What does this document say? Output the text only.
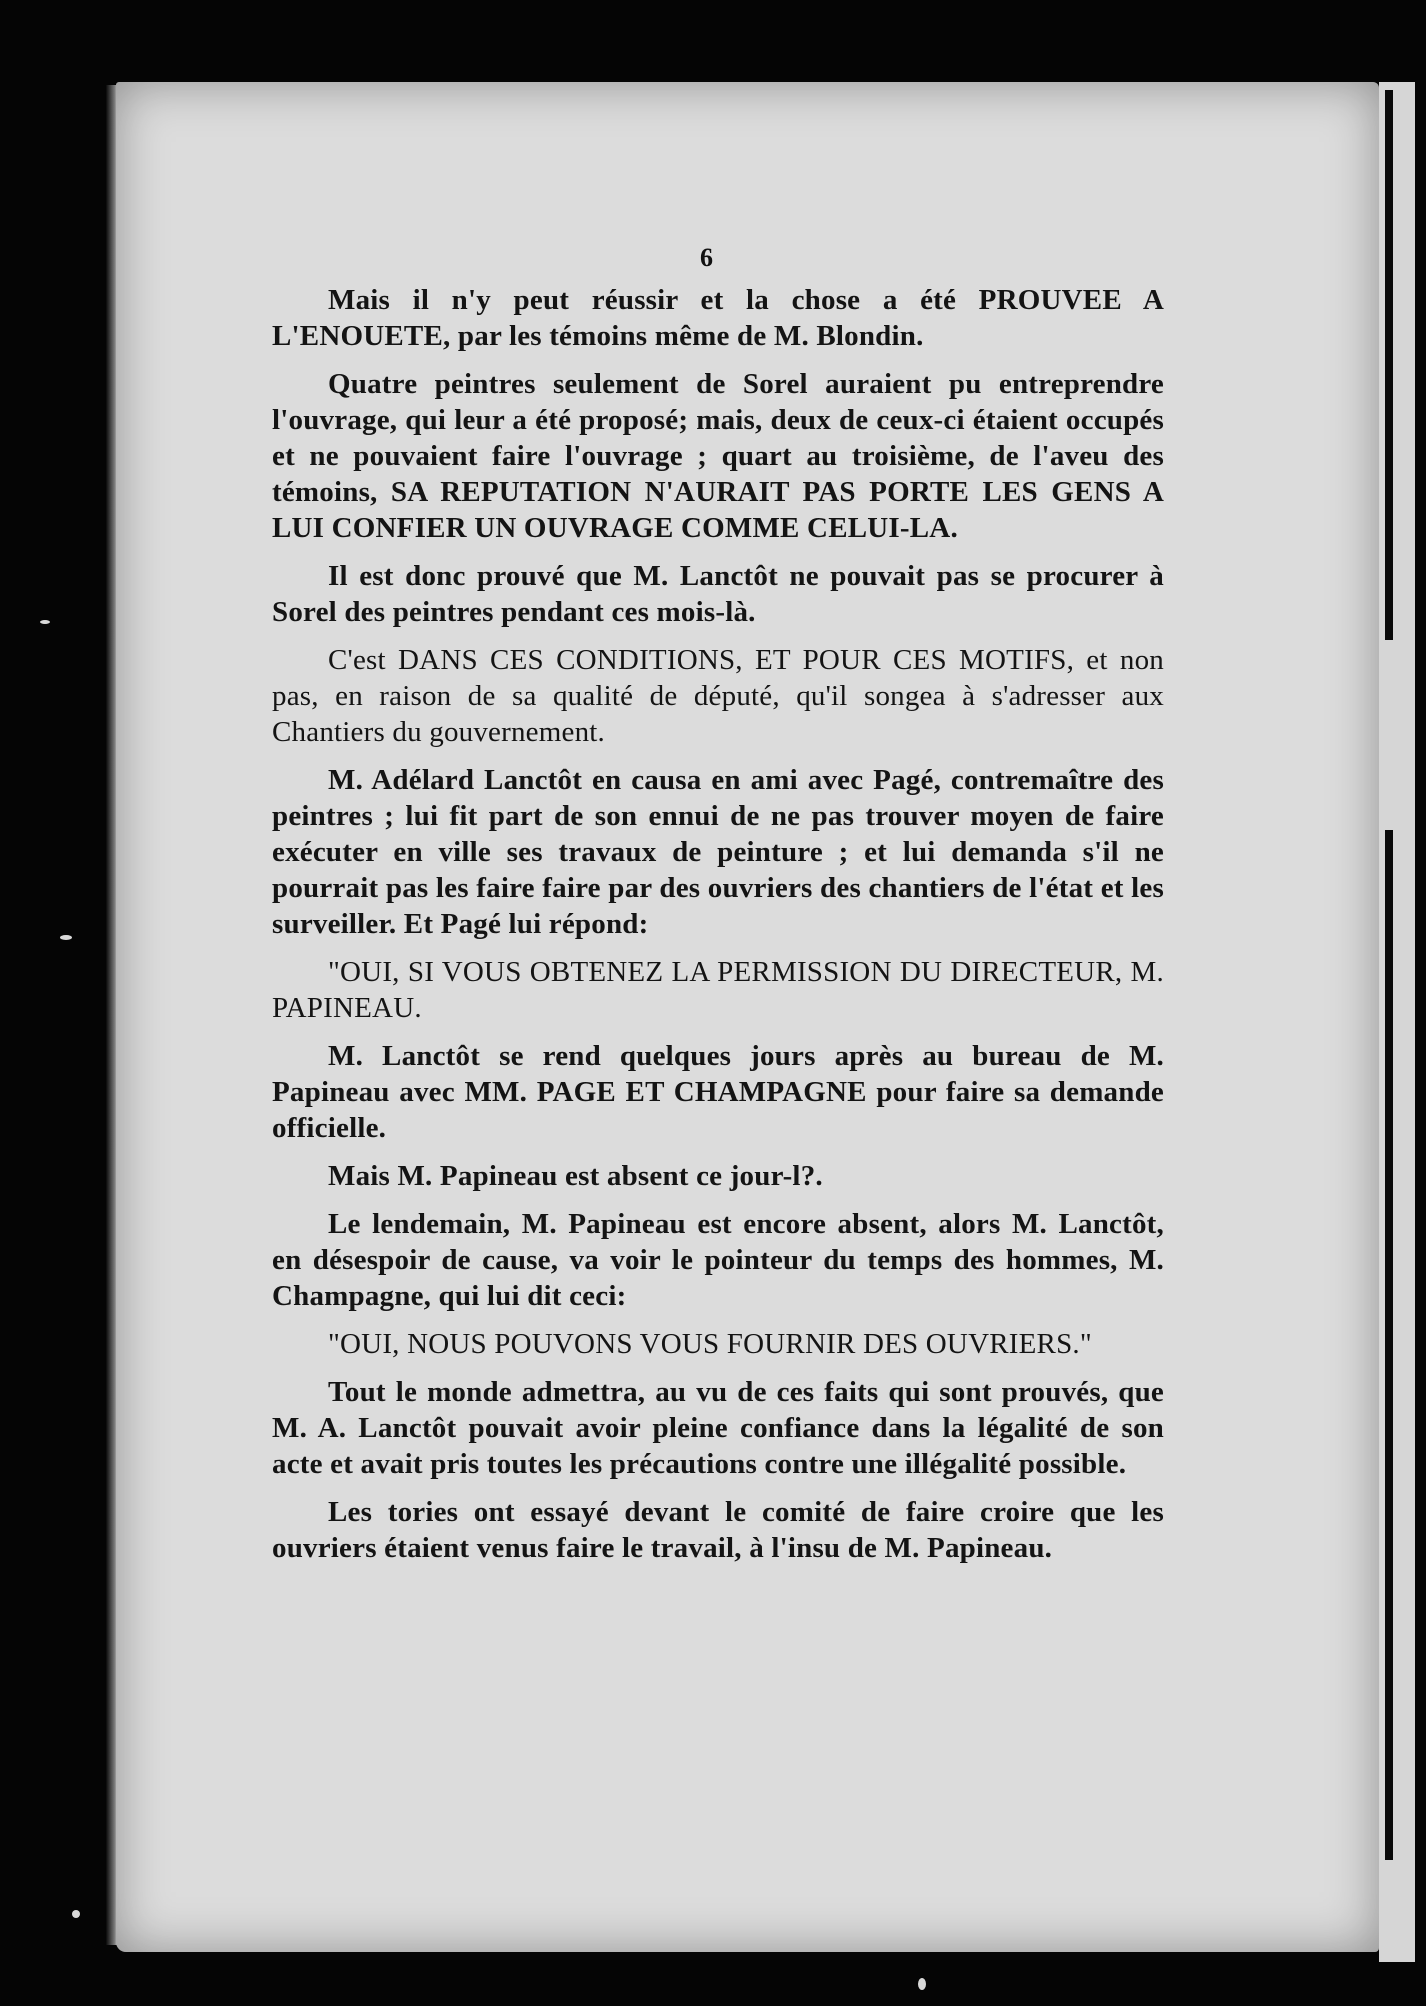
6

Mais il n'y peut réussir et la chose a été PROUVEE A L'ENOUETE, par les témoins même de M. Blondin.

Quatre peintres seulement de Sorel auraient pu entreprendre l'ouvrage, qui leur a été proposé; mais, deux de ceux-ci étaient occupés et ne pouvaient faire l'ouvrage ; quart au troisième, de l'aveu des témoins, SA REPUTATION N'AURAIT PAS PORTE LES GENS A LUI CONFIER UN OUVRAGE COMME CELUI-LA.

Il est donc prouvé que M. Lanctôt ne pouvait pas se procurer à Sorel des peintres pendant ces mois-là.

C'est DANS CES CONDITIONS, ET POUR CES MOTIFS, et non pas, en raison de sa qualité de député, qu'il songea à s'adresser aux Chantiers du gouvernement.

M. Adélard Lanctôt en causa en ami avec Pagé, contremaître des peintres ; lui fit part de son ennui de ne pas trouver moyen de faire exécuter en ville ses travaux de peinture ; et lui demanda s'il ne pourrait pas les faire faire par des ouvriers des chantiers de l'état et les surveiller. Et Pagé lui répond:

"OUI, SI VOUS OBTENEZ LA PERMISSION DU DIRECTEUR, M. PAPINEAU.

M. Lanctôt se rend quelques jours après au bureau de M. Papineau avec MM. PAGE ET CHAMPAGNE pour faire sa demande officielle.

Mais M. Papineau est absent ce jour-l?.

Le lendemain, M. Papineau est encore absent, alors M. Lanctôt, en désespoir de cause, va voir le pointeur du temps des hommes, M. Champagne, qui lui dit ceci:

"OUI, NOUS POUVONS VOUS FOURNIR DES OUVRIERS."

Tout le monde admettra, au vu de ces faits qui sont prouvés, que M. A. Lanctôt pouvait avoir pleine confiance dans la légalité de son acte et avait pris toutes les précautions contre une illégalité possible.

Les tories ont essayé devant le comité de faire croire que les ouvriers étaient venus faire le travail, à l'insu de M. Papineau.
